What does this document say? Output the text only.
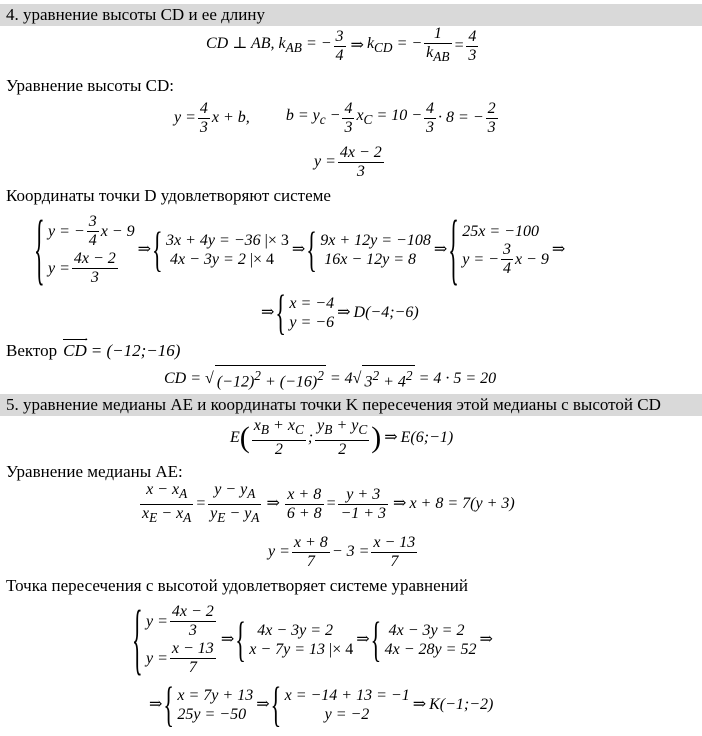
4. уравнение высоты CD и ее длину
CD ⊥ AB, $k_{AB}$ = − $\frac{3}{4}$ ⇒ $k_{CD}$ = − $\frac{1}{k_{AB}} = \frac{4}{3}$
Уравнение высоты CD:
$y = \frac{4}{3}$ x + b, $b = y_c - \frac{4}{3} x_C = 10 - \frac{4}{3} \cdot 8$ = − $\frac{2}{3}$
$y = \frac{4x - 2}{3}$
Координаты точки D удовлетворяют системе
{ y = − $\frac{3}{4}$ x − 9
$y = \frac{4x - 2}{3}$
⇒
{ 3x + 4y = −36 |× 3
4x − 3y = 2 |× 4
⇒
{ 9x + 12y = −108
16x − 12y = 8
⇒
{ 25x = −100
y = − $\frac{3}{4}$ x − 9
⇒
⇒
{ x = −4
y = −6
⇒ D(−4;−6)
Вектор CD → = (−12;−16)
CD = √ $(-12)^2 + (-16)^2 = 4√$ $3^2 + 4^2 = 4 \cdot 5 = 20$
5. уравнение медианы AE и координаты точки K пересечения этой медианы с высотой CD
E ( $\frac{x_B + x_C}{2}$ ; $\frac{y_B + y_C}{2}$ ) ⇒ E(6;−1)
Уравнение медианы AE:
$\frac{x - x_A}{x_E - x_A} = \frac{y - y_A}{y_E - y_A}$ ⇒ $\frac{x + 8}{6 + 8} = \frac{y + 3}{-1 + 3}$ ⇒ x + 8 = 7(y + 3)
$y = \frac{x + 8}{7} - 3 = \frac{x - 13}{7}$
Точка пересечения с высотой удовлетворяет системе уравнений
{ $y = \frac{4x - 2}{3}$
$y = \frac{x - 13}{7}$
⇒
{   4x − 3y = 2
x − 7y = 13 |× 4
⇒
{  4x − 3y = 2
4x − 28y = 52
⇒
⇒
{ x = 7y + 13
25y = −50
⇒
{ x = −14 + 13 = −1
y = −2
⇒ K(−1;−2)
